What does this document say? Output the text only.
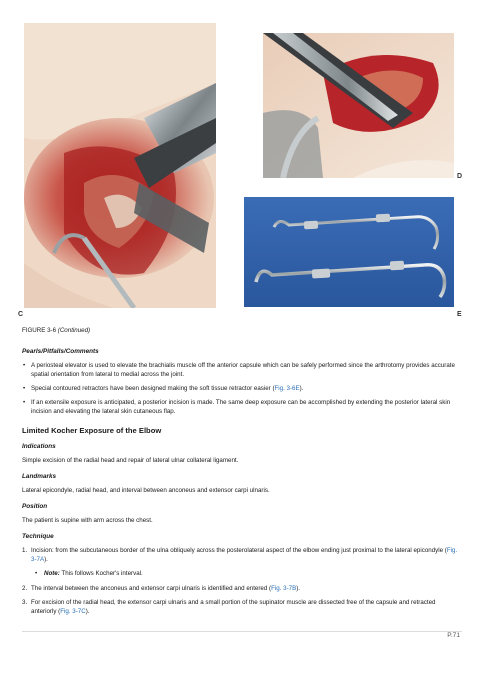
C
D
E
FIGURE 3-6 (Continued)
Pearls/Pitfalls/Comments
• A periosteal elevator is used to elevate the brachialis muscle off the anterior capsule which can be safely performed since the arthrotomy provides accurate spatial orientation from lateral to medial across the joint.
• Special contoured retractors have been designed making the soft tissue retractor easier (Fig. 3-6E).
• If an extensile exposure is anticipated, a posterior incision is made. The same deep exposure can be accomplished by extending the posterior lateral skin incision and elevating the lateral skin cutaneous flap.
Limited Kocher Exposure of the Elbow
Indications
Simple excision of the radial head and repair of lateral ulnar collateral ligament.
Landmarks
Lateral epicondyle, radial head, and interval between anconeus and extensor carpi ulnaris.
Position
The patient is supine with arm across the chest.
Technique
1. Incision: from the subcutaneous border of the ulna obliquely across the posterolateral aspect of the elbow ending just proximal to the lateral epicondyle (Fig. 3-7A).
• Note: This follows Kocher's interval.
2. The interval between the anconeus and extensor carpi ulnaris is identified and entered (Fig. 3-7B).
3. For excision of the radial head, the extensor carpi ulnaris and a small portion of the supinator muscle are dissected free of the capsule and retracted anteriorly (Fig. 3-7C).
P.71
